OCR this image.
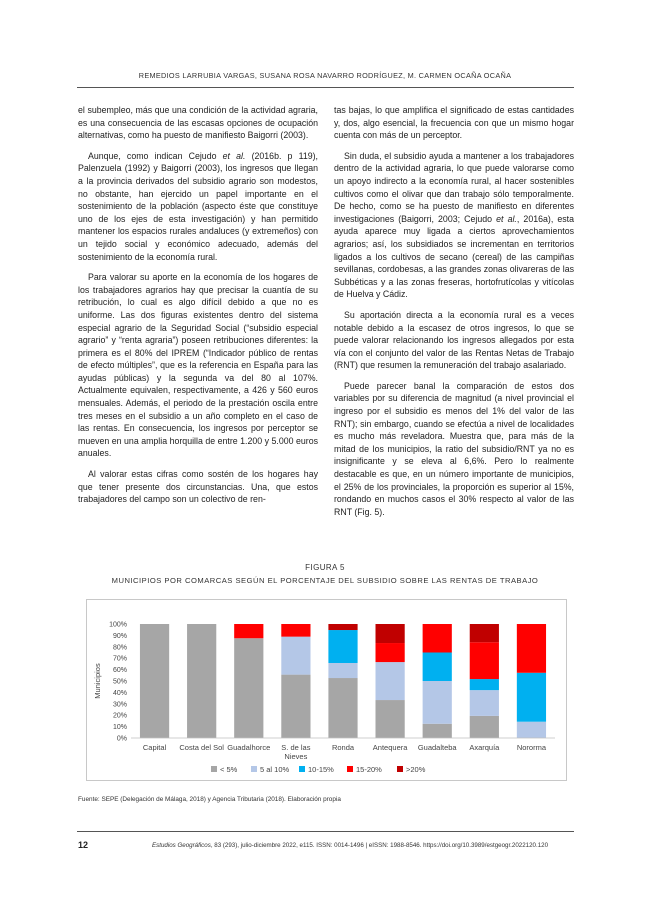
REMEDIOS LARRUBIA VARGAS, SUSANA ROSA NAVARRO RODRÍGUEZ, M. CARMEN OCAÑA OCAÑA

el subempleo, más que una condición de la actividad agraria, es una consecuencia de las escasas opciones de ocupación alternativas, como ha puesto de manifiesto Baigorri (2003).

Aunque, como indican Cejudo et al. (2016b. p 119), Palenzuela (1992) y Baigorri (2003), los ingresos que llegan a la provincia derivados del subsidio agrario son modestos, no obstante, han ejercido un papel importante en el sostenimiento de la población (aspecto éste que constituye uno de los ejes de esta investigación) y han permitido mantener los espacios rurales andaluces (y extremeños) con un tejido social y económico adecuado, además del sostenimiento de la economía rural.

Para valorar su aporte en la economía de los hogares de los trabajadores agrarios hay que precisar la cuantía de su retribución, lo cual es algo difícil debido a que no es uniforme. Las dos figuras existentes dentro del sistema especial agrario de la Seguridad Social (“subsidio especial agrario” y “renta agraria”) poseen retribuciones diferentes: la primera es el 80% del IPREM (“Indicador público de rentas de efecto múltiples”, que es la referencia en España para las ayudas públicas) y la segunda va del 80 al 107%. Actualmente equivalen, respectivamente, a 426 y 560 euros mensuales. Además, el periodo de la prestación oscila entre tres meses en el subsidio a un año completo en el caso de las rentas. En consecuencia, los ingresos por perceptor se mueven en una amplia horquilla de entre 1.200 y 5.000 euros anuales.

Al valorar estas cifras como sostén de los hogares hay que tener presente dos circunstancias. Una, que estos trabajadores del campo son un colectivo de ren-

tas bajas, lo que amplifica el significado de estas cantidades y, dos, algo esencial, la frecuencia con que un mismo hogar cuenta con más de un perceptor.

Sin duda, el subsidio ayuda a mantener a los trabajadores dentro de la actividad agraria, lo que puede valorarse como un apoyo indirecto a la economía rural, al hacer sostenibles cultivos como el olivar que dan trabajo sólo temporalmente. De hecho, como se ha puesto de manifiesto en diferentes investigaciones (Baigorri, 2003; Cejudo et al., 2016a), esta ayuda aparece muy ligada a ciertos aprovechamientos agrarios; así, los subsidiados se incrementan en territorios ligados a los cultivos de secano (cereal) de las campiñas sevillanas, cordobesas, a las grandes zonas olivareras de las Subbéticas y a las zonas freseras, hortofrutícolas y vitícolas de Huelva y Cádiz.

Su aportación directa a la economía rural es a veces notable debido a la escasez de otros ingresos, lo que se puede valorar relacionando los ingresos allegados por esta vía con el conjunto del valor de las Rentas Netas de Trabajo (RNT) que resumen la remuneración del trabajo asalariado.

Puede parecer banal la comparación de estos dos variables por su diferencia de magnitud (a nivel provincial el ingreso por el subsidio es menos del 1% del valor de las RNT); sin embargo, cuando se efectúa a nivel de localidades es mucho más reveladora. Muestra que, para más de la mitad de los municipios, la ratio del subsidio/RNT ya no es insignificante y se eleva al 6,6%. Pero lo realmente destacable es que, en un número importante de municipios, el 25% de los provinciales, la proporción es superior al 15%, rondando en muchos casos el 30% respecto al valor de las RNT (Fig. 5).

FIGURA 5
MUNICIPIOS POR COMARCAS SEGÚN EL PORCENTAJE DEL SUBSIDIO SOBRE LAS RENTAS DE TRABAJO
0%
10%
20%
30%
40%
50%
60%
70%
80%
90%
100%
Municipios
Capital Costa del Sol Guadalhorce S. de las Nieves
Ronda Antequera Guadalteba Axarquía Nororma
< 5%	5 al 10%	10-15%	15-20%	>20%
Fuente: SEPE (Delegación de Málaga, 2018) y Agencia Tributaria (2018). Elaboración propia
12	Estudios Geográficos, 83 (293), julio-diciembre 2022, e115. ISSN: 0014-1496 | eISSN: 1988-8546. https://doi.org/10.3989/estgeogr.2022120.120
